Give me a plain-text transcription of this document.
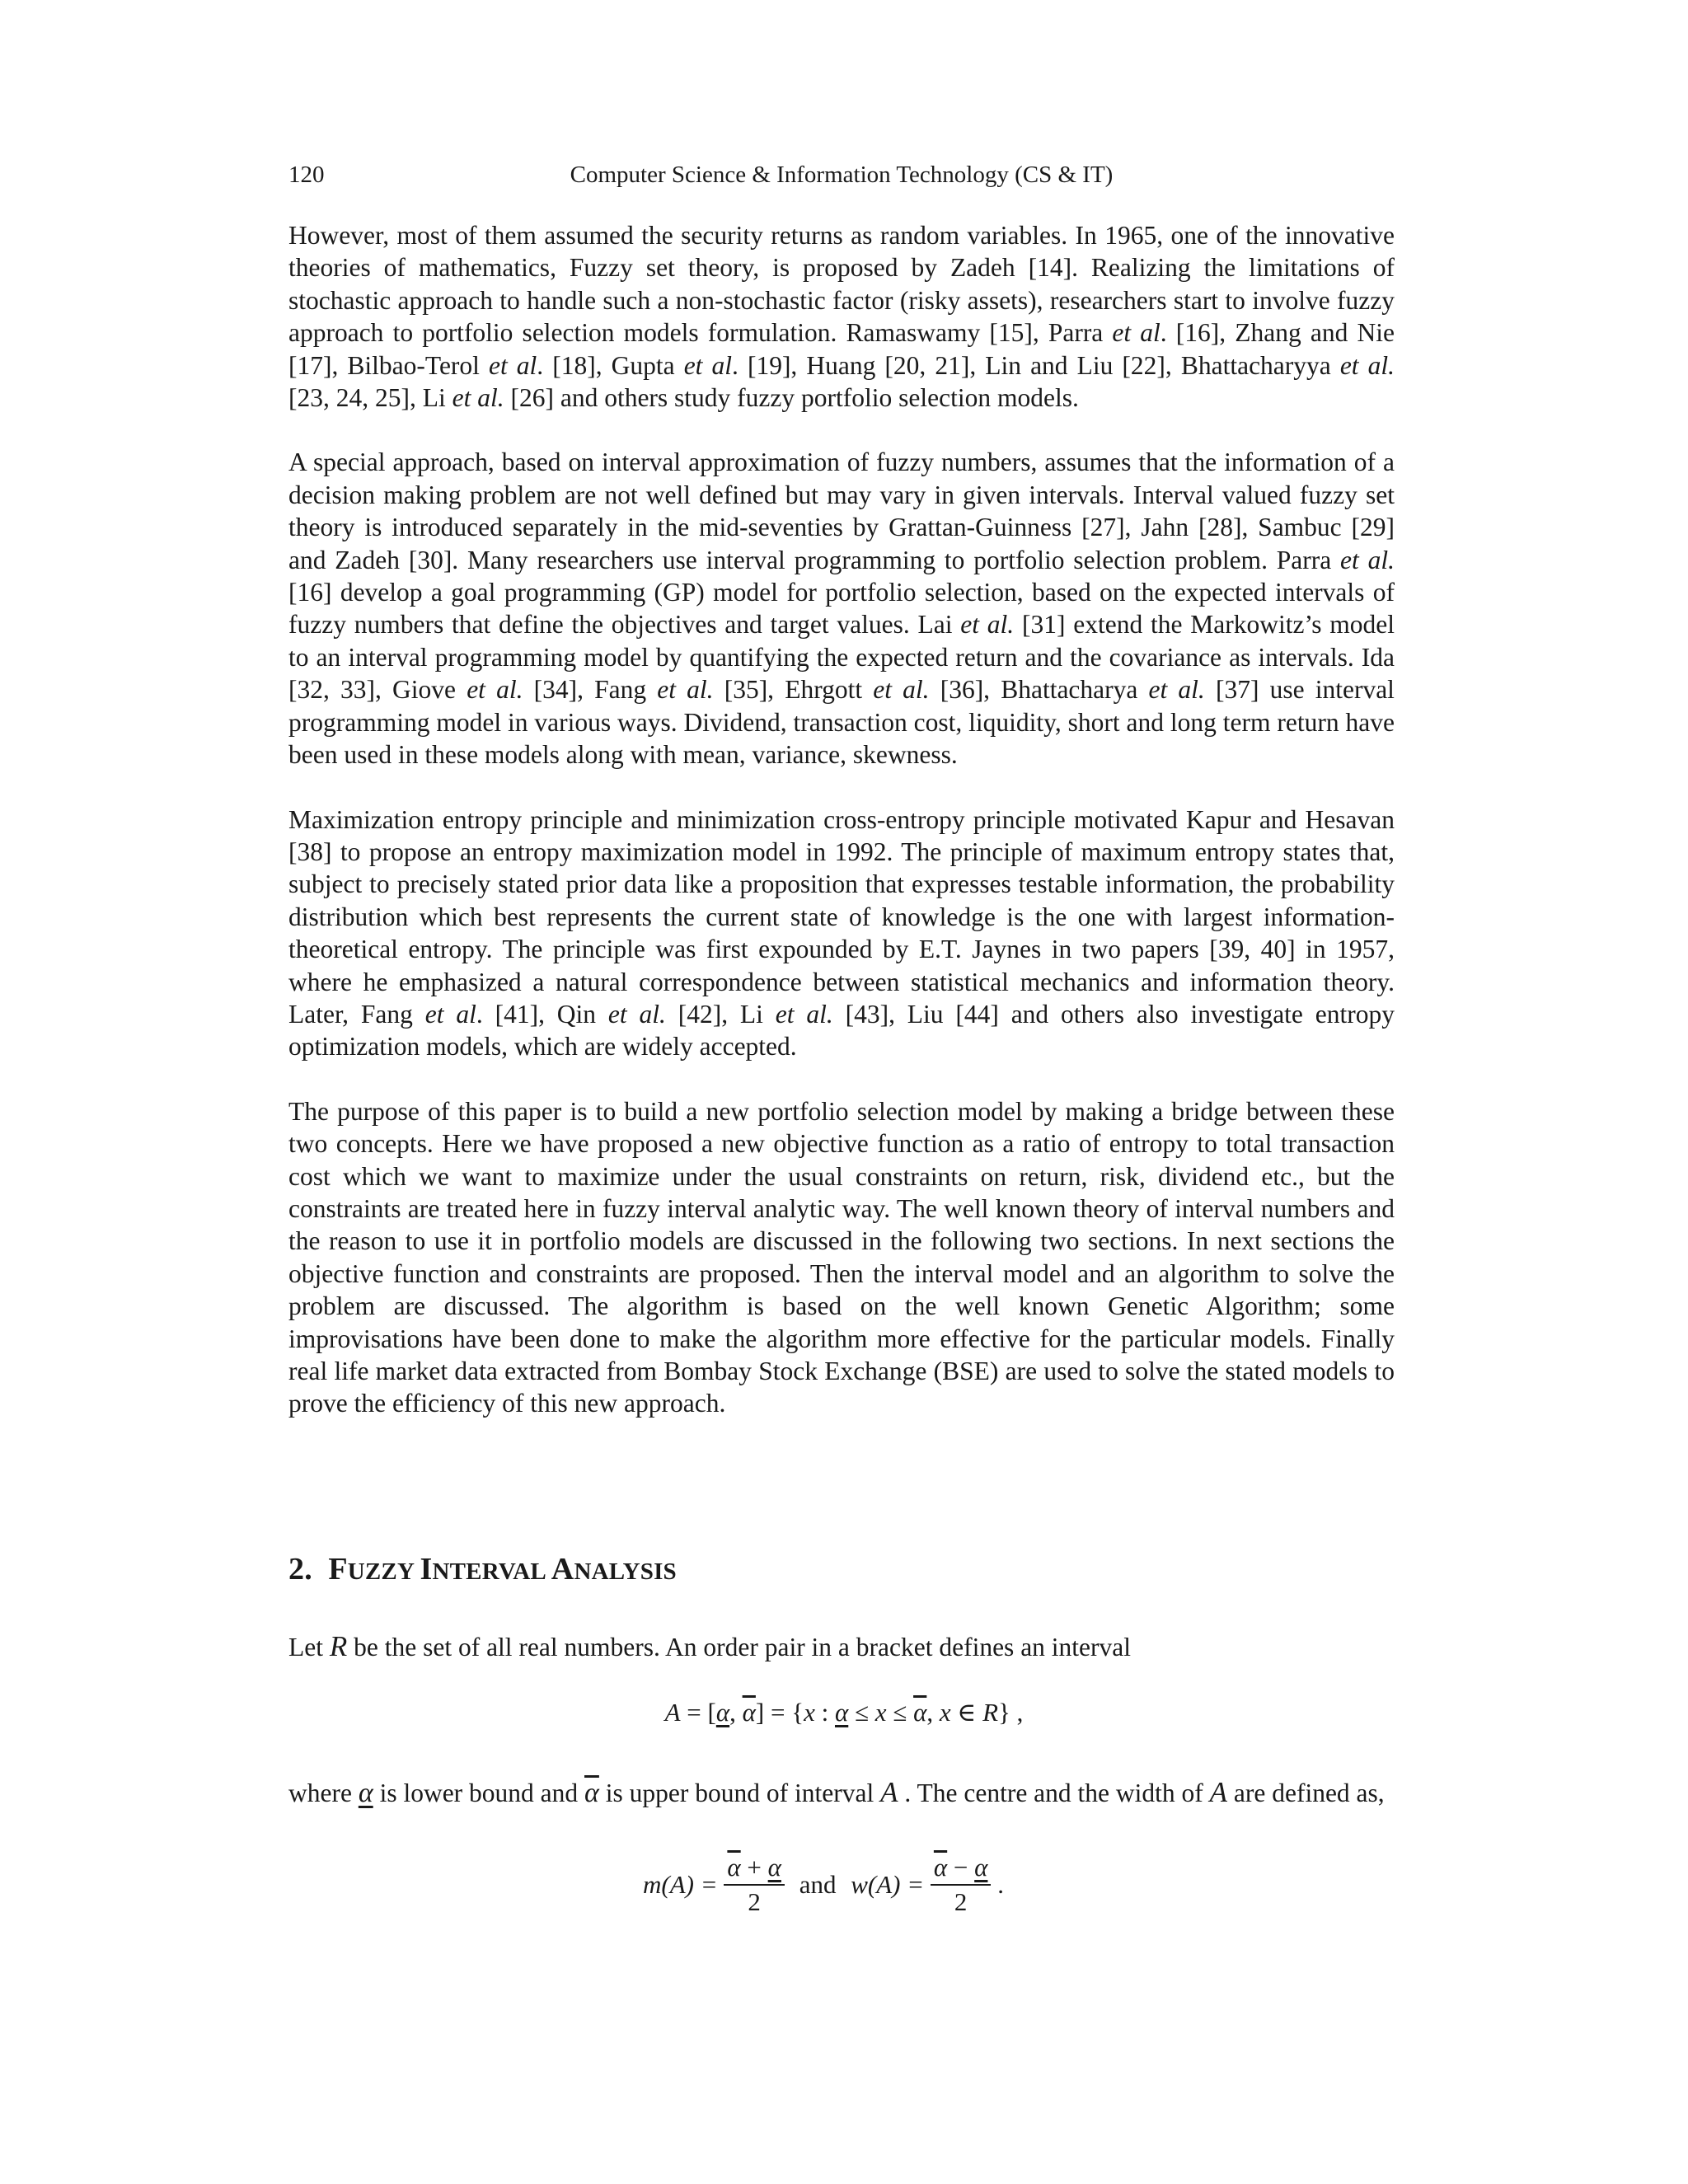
120	Computer Science & Information Technology (CS & IT)

However, most of them assumed the security returns as random variables. In 1965, one of the innovative theories of mathematics, Fuzzy set theory, is proposed by Zadeh [14]. Realizing the limitations of stochastic approach to handle such a non-stochastic factor (risky assets), researchers start to involve fuzzy approach to portfolio selection models formulation. Ramaswamy [15], Parra et al. [16], Zhang and Nie [17], Bilbao-Terol et al. [18], Gupta et al. [19], Huang [20, 21], Lin and Liu [22], Bhattacharyya et al. [23, 24, 25], Li et al. [26] and others study fuzzy portfolio selection models.

A special approach, based on interval approximation of fuzzy numbers, assumes that the information of a decision making problem are not well defined but may vary in given intervals. Interval valued fuzzy set theory is introduced separately in the mid-seventies by Grattan-Guinness [27], Jahn [28], Sambuc [29] and Zadeh [30]. Many researchers use interval programming to portfolio selection problem. Parra et al. [16] develop a goal programming (GP) model for portfolio selection, based on the expected intervals of fuzzy numbers that define the objectives and target values. Lai et al. [31] extend the Markowitz’s model to an interval programming model by quantifying the expected return and the covariance as intervals. Ida [32, 33], Giove et al. [34], Fang et al. [35], Ehrgott et al. [36], Bhattacharya et al. [37] use interval programming model in various ways. Dividend, transaction cost, liquidity, short and long term return have been used in these models along with mean, variance, skewness.

Maximization entropy principle and minimization cross-entropy principle motivated Kapur and Hesavan [38] to propose an entropy maximization model in 1992. The principle of maximum entropy states that, subject to precisely stated prior data like a proposition that expresses testable information, the probability distribution which best represents the current state of knowledge is the one with largest information-theoretical entropy. The principle was first expounded by E.T. Jaynes in two papers [39, 40] in 1957, where he emphasized a natural correspondence between statistical mechanics and information theory. Later, Fang et al. [41], Qin et al. [42], Li et al. [43], Liu [44] and others also investigate entropy optimization models, which are widely accepted.

The purpose of this paper is to build a new portfolio selection model by making a bridge between these two concepts. Here we have proposed a new objective function as a ratio of entropy to total transaction cost which we want to maximize under the usual constraints on return, risk, dividend etc., but the constraints are treated here in fuzzy interval analytic way. The well known theory of interval numbers and the reason to use it in portfolio models are discussed in the following two sections. In next sections the objective function and constraints are proposed. Then the interval model and an algorithm to solve the problem are discussed. The algorithm is based on the well known Genetic Algorithm; some improvisations have been done to make the algorithm more effective for the particular models. Finally real life market data extracted from Bombay Stock Exchange (BSE) are used to solve the stated models to prove the efficiency of this new approach.

2. FUZZY INTERVAL ANALYSIS
Let R be the set of all real numbers. An order pair in a bracket defines an interval
A = [α, $\overline{\alpha}] = \{x$ : $\alpha \le x \le \overline{\alpha}$, x ∈ R} ,
where α is lower bound and $\overline{\alpha}$ is upper bound of interval A . The centre and the width of A are defined as,
$m(A) = \frac{\overline{\alpha} + \alpha}{2}$ and $w(A) = \frac{\overline{\alpha} - \alpha}{2}$ .
